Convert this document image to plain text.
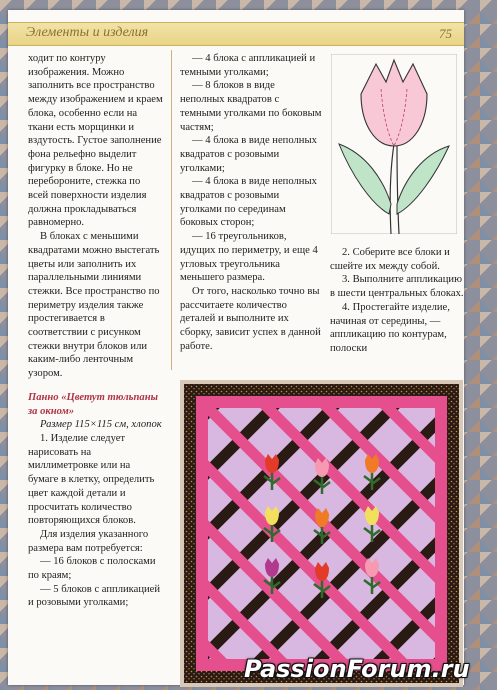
Элементы и изделия	75

ходит по контуру изображения. Можно заполнить все пространство между изображением и краем блока, особенно если на ткани есть морщинки и вздутость. Густое заполнение фона рельефно выделит фигурку в блоке. Но не перебороните, стежка по всей поверхности изделия должна прокладываться равномерно.

В блоках с меньшими квадратами можно выстегать цветы или заполнить их параллельными линиями стежки. Все пространство по периметру изделия также простегивается в соответствии с рисунком стежки внутри блоков или каким-либо ленточным узором.

Панно «Цветут тюльпаны за окном»

Размер 115×115 см, хлопок

1. Изделие следует нарисовать на миллиметровке или на бумаге в клетку, определить цвет каждой детали и просчитать количество повторяющихся блоков.

Для изделия указанного размера вам потребуется:

— 16 блоков с полосками по краям;

— 5 блоков с аппликацией и розовыми уголками;

— 4 блока с аппликацией и темными уголками;

— 8 блоков в виде неполных квадратов с темными уголками по боковым частям;

— 4 блока в виде неполных квадратов с розовыми уголками;

— 4 блока в виде неполных квадратов с розовыми уголками по серединам боковых сторон;

— 16 треугольников, идущих по периметру, и еще 4 угловых треугольника меньшего размера.

От того, насколько точно вы рассчитаете количество деталей и выполните их сборку, зависит успех в данной работе.

2. Соберите все блоки и сшейте их между собой.

3. Выполните аппликацию в шести центральных блоках.

4. Простегайте изделие, начиная от середины, — аппликацию по контурам, полоски

PassionForum.ru
